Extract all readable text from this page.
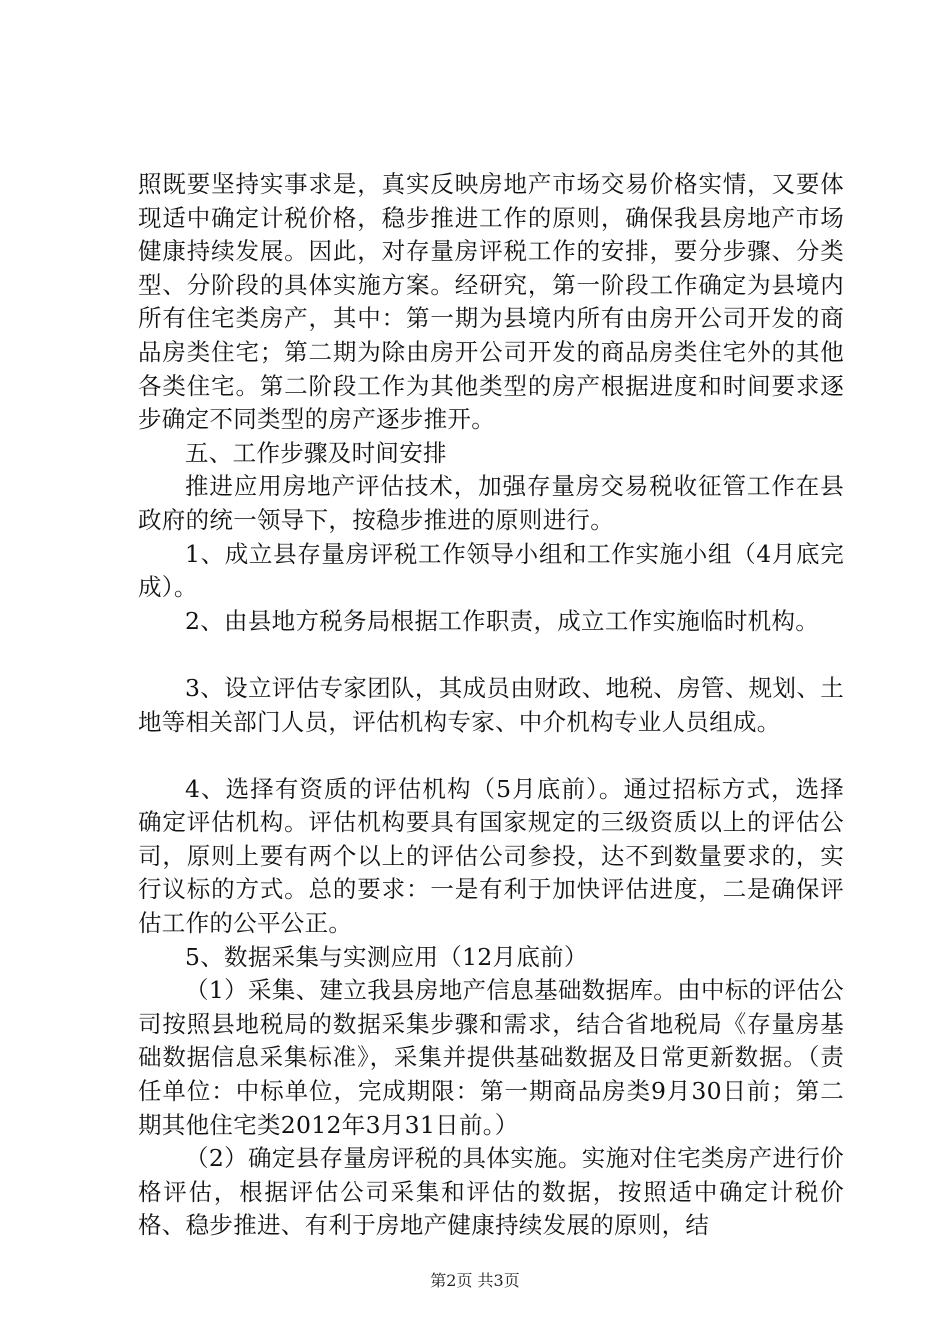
照既要坚持实事求是，真实反映房地产市场交易价格实情，又要体现适中确定计税价格，稳步推进工作的原则，确保我县房地产市场健康持续发展。因此，对存量房评税工作的安排，要分步骤、分类型、分阶段的具体实施方案。经研究，第一阶段工作确定为县境内所有住宅类房产，其中：第一期为县境内所有由房开公司开发的商品房类住宅；第二期为除由房开公司开发的商品房类住宅外的其他各类住宅。第二阶段工作为其他类型的房产根据进度和时间要求逐步确定不同类型的房产逐步推开。

五、工作步骤及时间安排

推进应用房地产评估技术，加强存量房交易税收征管工作在县政府的统一领导下，按稳步推进的原则进行。

1、成立县存量房评税工作领导小组和工作实施小组（4月底完成）。

2、由县地方税务局根据工作职责，成立工作实施临时机构。

3、设立评估专家团队，其成员由财政、地税、房管、规划、土地等相关部门人员，评估机构专家、中介机构专业人员组成。

4、选择有资质的评估机构（5月底前）。通过招标方式，选择确定评估机构。评估机构要具有国家规定的三级资质以上的评估公司，原则上要有两个以上的评估公司参投，达不到数量要求的，实行议标的方式。总的要求：一是有利于加快评估进度，二是确保评估工作的公平公正。

5、数据采集与实测应用（12月底前）

（1）采集、建立我县房地产信息基础数据库。由中标的评估公司按照县地税局的数据采集步骤和需求，结合省地税局《存量房基础数据信息采集标准》，采集并提供基础数据及日常更新数据。（责任单位：中标单位，完成期限：第一期商品房类9月30日前；第二期其他住宅类2012年3月31日前。）

（2）确定县存量房评税的具体实施。实施对住宅类房产进行价格评估，根据评估公司采集和评估的数据，按照适中确定计税价格、稳步推进、有利于房地产健康持续发展的原则，结

第2页 共3页
